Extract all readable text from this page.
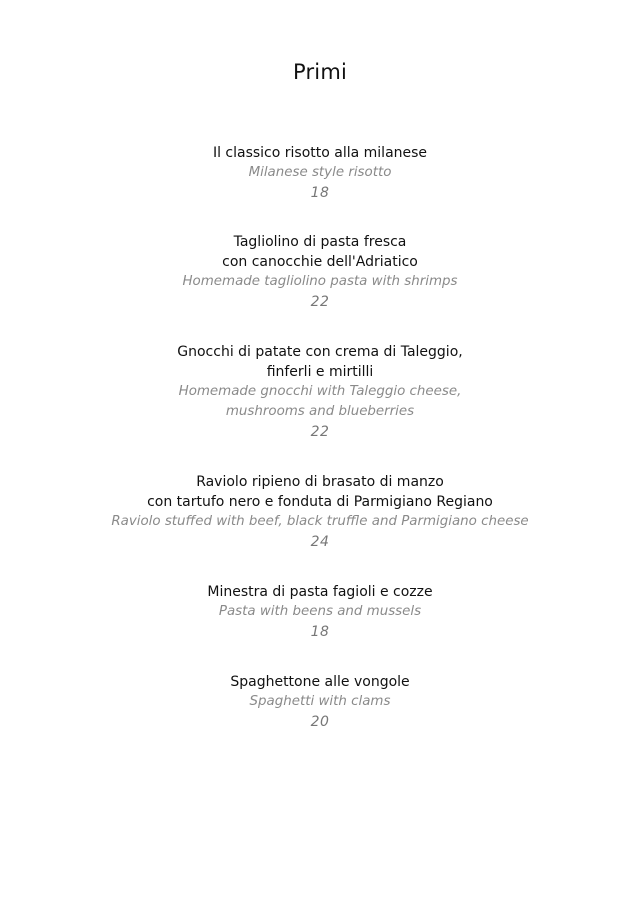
Primi
Il classico risotto alla milanese
Milanese style risotto
18
Tagliolino di pasta fresca
con canocchie dell'Adriatico
Homemade tagliolino pasta with shrimps
22
Gnocchi di patate con crema di Taleggio,
finferli e mirtilli
Homemade gnocchi with Taleggio cheese,
mushrooms and blueberries
22
Raviolo ripieno di brasato di manzo
con tartufo nero e fonduta di Parmigiano Regiano
Raviolo stuffed with beef, black truffle and Parmigiano cheese
24
Minestra di pasta fagioli e cozze
Pasta with beens and mussels
18
Spaghettone alle vongole
Spaghetti with clams
20
